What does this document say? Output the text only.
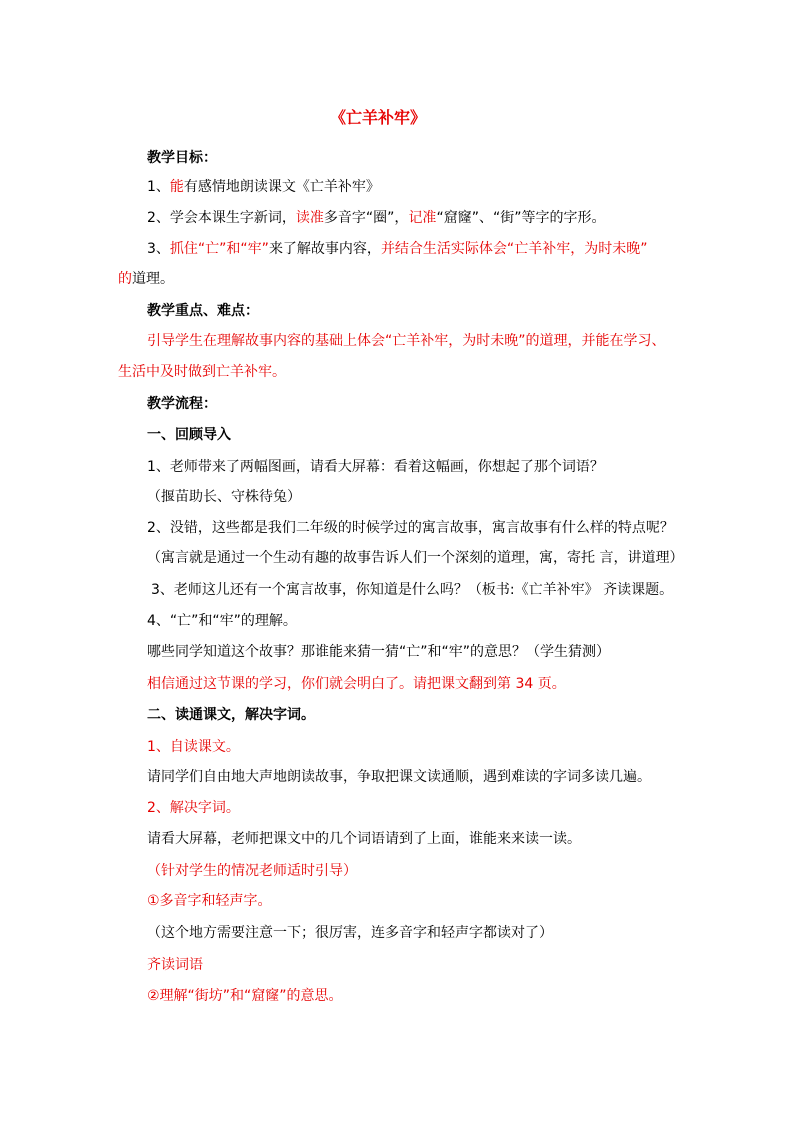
《亡羊补牢》
教学目标：
1、能有感情地朗读课文《亡羊补牢》
2、学会本课生字新词，读准多音字“圈”，记准“窟窿”、“街”等字的字形。
3、抓住“亡”和“牢”来了解故事内容，并结合生活实际体会“亡羊补牢，为时未晚”
的道理。
教学重点、难点：
引导学生在理解故事内容的基础上体会“亡羊补牢，为时未晚”的道理，并能在学习、
生活中及时做到亡羊补牢。
教学流程：
一、回顾导入
1、老师带来了两幅图画，请看大屏幕：看着这幅画，你想起了那个词语？
（揠苗助长、守株待兔）
2、没错，这些都是我们二年级的时候学过的寓言故事，寓言故事有什么样的特点呢？
（寓言就是通过一个生动有趣的故事告诉人们一个深刻的道理，寓，寄托 言，讲道理）
3、老师这儿还有一个寓言故事，你知道是什么吗？（板书:《亡羊补牢》 齐读课题。
4、“亡”和“牢”的理解。
哪些同学知道这个故事？那谁能来猜一猜“亡”和“牢”的意思？（学生猜测）
相信通过这节课的学习，你们就会明白了。请把课文翻到第 34 页。
二、读通课文，解决字词。
1、自读课文。
请同学们自由地大声地朗读故事，争取把课文读通顺，遇到难读的字词多读几遍。
2、解决字词。
请看大屏幕，老师把课文中的几个词语请到了上面，谁能来来读一读。
（针对学生的情况老师适时引导）
①多音字和轻声字。
（这个地方需要注意一下；很厉害，连多音字和轻声字都读对了）
齐读词语
②理解“街坊”和“窟窿”的意思。
